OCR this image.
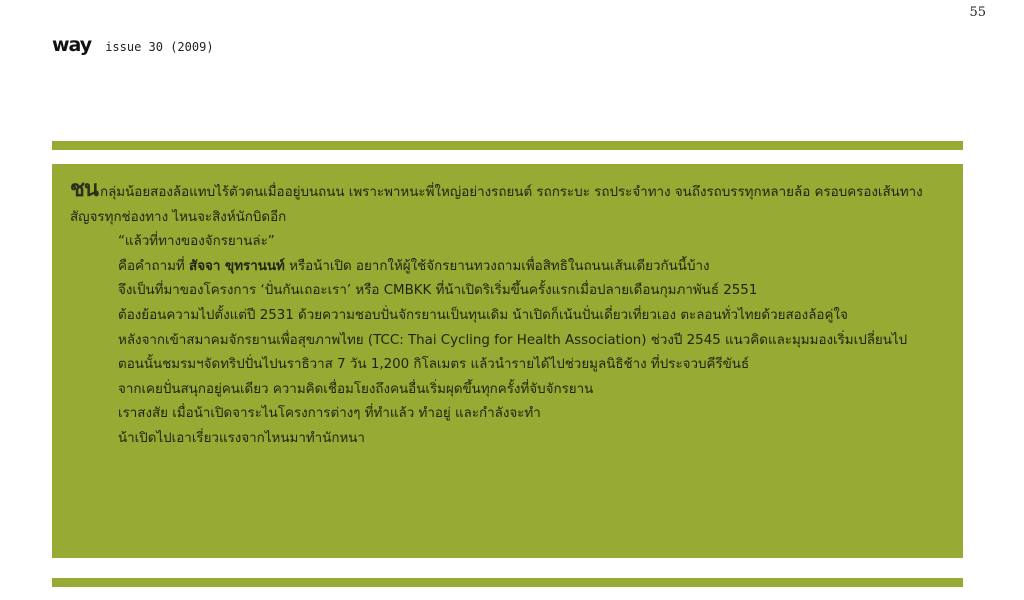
55
way issue 30 (2009)

ชน กลุ่มน้อยสองล้อแทบไร้ตัวตนเมื่ออยู่บนถนน เพราะพาหนะพี่ใหญ่อย่างรถยนต์ รถกระบะ รถประจำทาง จนถึงรถบรรทุกหลายล้อ ครอบครองเส้นทางสัญจรทุกช่องทาง ไหนจะสิงห์นักบิดอีก

“แล้วที่ทางของจักรยานล่ะ”

คือคำถามที่ สัจจา ขุทรานนท์ หรือน้าเปิด อยากให้ผู้ใช้จักรยานทวงถามเพื่อสิทธิในถนนเส้นเดียวกันนี้บ้าง

จึงเป็นที่มาของโครงการ ‘ปั่นกันเถอะเรา’ หรือ CMBKK ที่น้าเปิดริเริ่มขึ้นครั้งแรกเมื่อปลายเดือนกุมภาพันธ์ 2551

ต้องย้อนความไปตั้งแต่ปี 2531 ด้วยความชอบปั่นจักรยานเป็นทุนเดิม น้าเปิดก็เน้นปั่นเดี่ยวเที่ยวเอง ตะลอนทั่วไทยด้วยสองล้อคู่ใจ

หลังจากเข้าสมาคมจักรยานเพื่อสุขภาพไทย (TCC: Thai Cycling for Health Association) ช่วงปี 2545 แนวคิดและมุมมองเริ่มเปลี่ยนไป

ตอนนั้นชมรมฯจัดทริปปั่นไปนราธิวาส 7 วัน 1,200 กิโลเมตร แล้วนำรายได้ไปช่วยมูลนิธิช้าง ที่ประจวบคีรีขันธ์

จากเคยปั่นสนุกอยู่คนเดียว ความคิดเชื่อมโยงถึงคนอื่นเริ่มผุดขึ้นทุกครั้งที่จับจักรยาน

เราสงสัย เมื่อน้าเปิดจาระไนโครงการต่างๆ ที่ทำแล้ว ทำอยู่ และกำลังจะทำ

น้าเปิดไปเอาเรี่ยวแรงจากไหนมาทำนักหนา
